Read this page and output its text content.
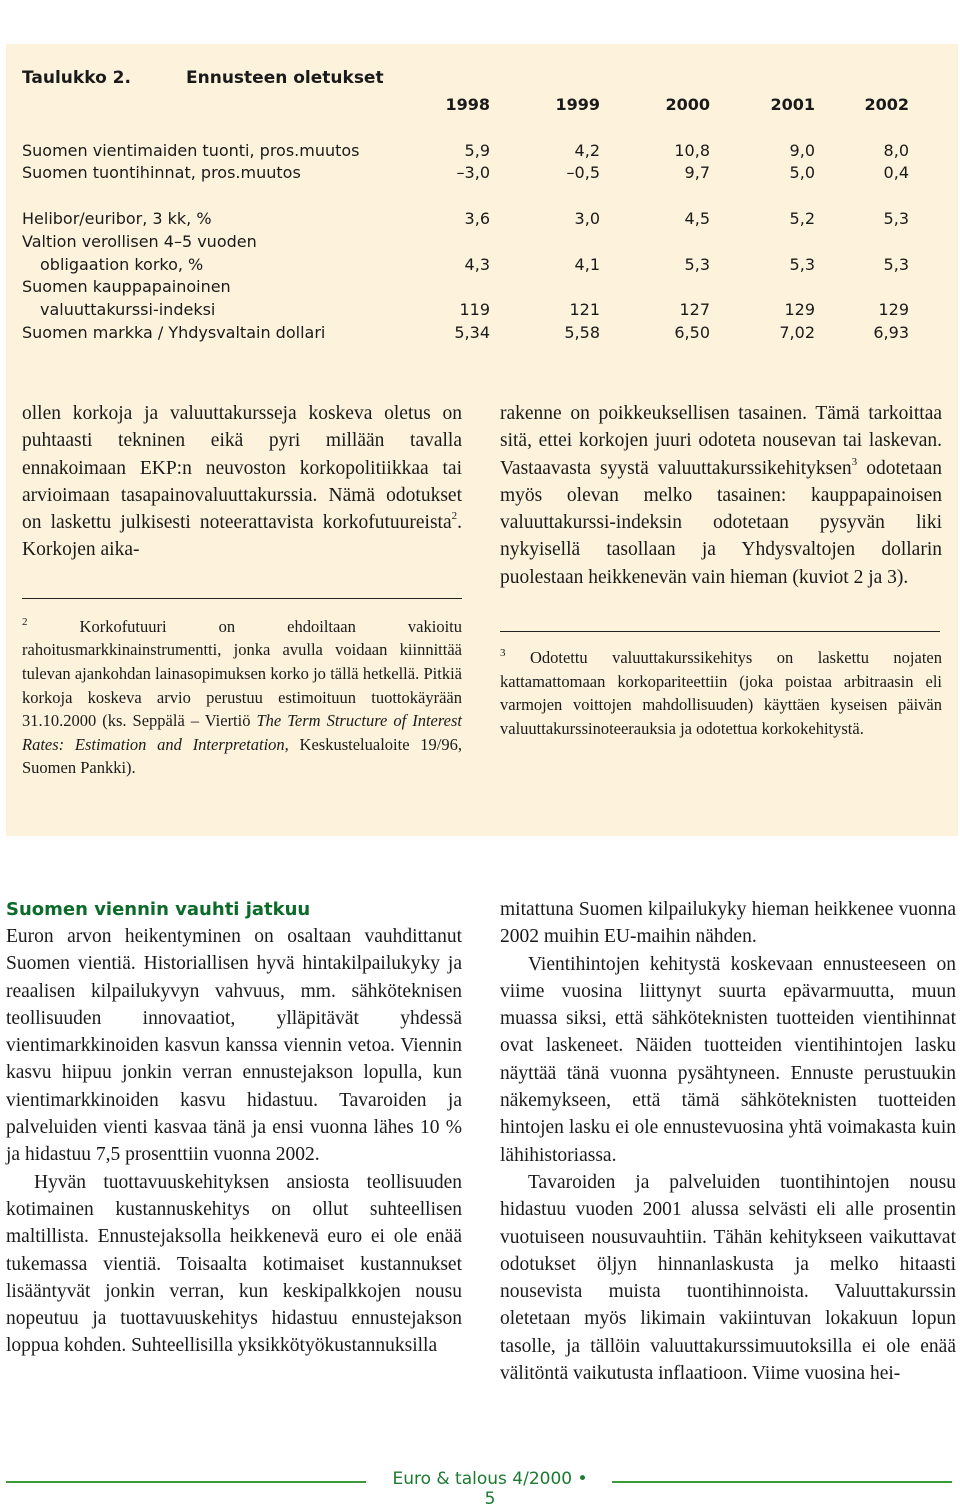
Taulukko 2.	Ennusteen oletukset
1998	1999	2000	2001	2002
Suomen vientimaiden tuonti, pros.muutos	5,9	4,2	10,8	9,0	8,0
Suomen tuontihinnat, pros.muutos	–3,0	–0,5	9,7	5,0	0,4
Helibor/euribor, 3 kk, %	3,6	3,0	4,5	5,2	5,3
Valtion verollisen 4–5 vuoden
obligaation korko, %	4,3	4,1	5,3	5,3	5,3
Suomen kauppapainoinen
valuuttakurssi-indeksi	119	121	127	129	129
Suomen markka / Yhdysvaltain dollari	5,34	5,58	6,50	7,02	6,93

ollen korkoja ja valuuttakursseja koskeva oletus on puhtaasti tekninen eikä pyri millään tavalla ennakoimaan EKP:n neuvoston korkopolitiikkaa tai arvioimaan tasapainovaluuttakurssia. Nämä odotukset on laskettu julkisesti noteerattavista korkofutuureista$^2$. Korkojen aika-

$^2$	Korkofutuuri on ehdoiltaan vakioitu rahoitusmarkkinainstrumentti, jonka avulla voidaan kiinnittää tulevan ajankohdan lainasopimuksen korko jo tällä hetkellä. Pitkiä korkoja koskeva arvio perustuu estimoituun tuottokäyrään 31.10.2000 (ks. Seppälä – Viertiö The Term Structure of Interest Rates: Estimation and Interpretation, Keskustelualoite 19/96, Suomen Pankki).

rakenne on poikkeuksellisen tasainen. Tämä tarkoittaa sitä, ettei korkojen juuri odoteta nousevan tai laskevan. Vastaavasta syystä valuuttakurssikehityksen$^3$ odotetaan myös olevan melko tasainen: kauppapainoisen valuuttakurssi-indeksin odotetaan pysyvän liki nykyisellä tasollaan ja Yhdysvaltojen dollarin puolestaan heikkenevän vain hieman (kuviot 2 ja 3).

$^3$ Odotettu valuuttakurssikehitys on laskettu nojaten kattamattomaan korkopariteettiin (joka poistaa arbitraasin eli varmojen voittojen mahdollisuuden) käyttäen kyseisen päivän valuuttakurssinoteerauksia ja odotettua korkokehitystä.

Suomen viennin vauhti jatkuu

Euron arvon heikentyminen on osaltaan vauhdittanut Suomen vientiä. Historiallisen hyvä hintakilpailukyky ja reaalisen kilpailukyvyn vahvuus, mm. sähköteknisen teollisuuden innovaatiot, ylläpitävät yhdessä vientimarkkinoiden kasvun kanssa viennin vetoa. Viennin kasvu hiipuu jonkin verran ennustejakson lopulla, kun vientimarkkinoiden kasvu hidastuu. Tavaroiden ja palveluiden vienti kasvaa tänä ja ensi vuonna lähes 10 % ja hidastuu 7,5 prosenttiin vuonna 2002.

Hyvän tuottavuuskehityksen ansiosta teollisuuden kotimainen kustannuskehitys on ollut suhteellisen maltillista. Ennustejaksolla heikkenevä euro ei ole enää tukemassa vientiä. Toisaalta kotimaiset kustannukset lisääntyvät jonkin verran, kun keskipalkkojen nousu nopeutuu ja tuottavuuskehitys hidastuu ennustejakson loppua kohden. Suhteellisilla yksikkötyökustannuksilla

mitattuna Suomen kilpailukyky hieman heikkenee vuonna 2002 muihin EU-maihin nähden.

Vientihintojen kehitystä koskevaan ennusteeseen on viime vuosina liittynyt suurta epävarmuutta, muun muassa siksi, että sähköteknisten tuotteiden vientihinnat ovat laskeneet. Näiden tuotteiden vientihintojen lasku näyttää tänä vuonna pysähtyneen. Ennuste perustuukin näkemykseen, että tämä sähköteknisten tuotteiden hintojen lasku ei ole ennustevuosina yhtä voimakasta kuin lähihistoriassa.

Tavaroiden ja palveluiden tuontihintojen nousu hidastuu vuoden 2001 alussa selvästi eli alle prosentin vuotuiseen nousuvauhtiin. Tähän kehitykseen vaikuttavat odotukset öljyn hinnanlaskusta ja melko hitaasti nousevista muista tuontihinnoista. Valuuttakurssin oletetaan myös likimain vakiintuvan lokakuun lopun tasolle, ja tällöin valuuttakurssimuutoksilla ei ole enää välitöntä vaikutusta inflaatioon. Viime vuosina hei-

Euro & talous 4/2000 • 5
